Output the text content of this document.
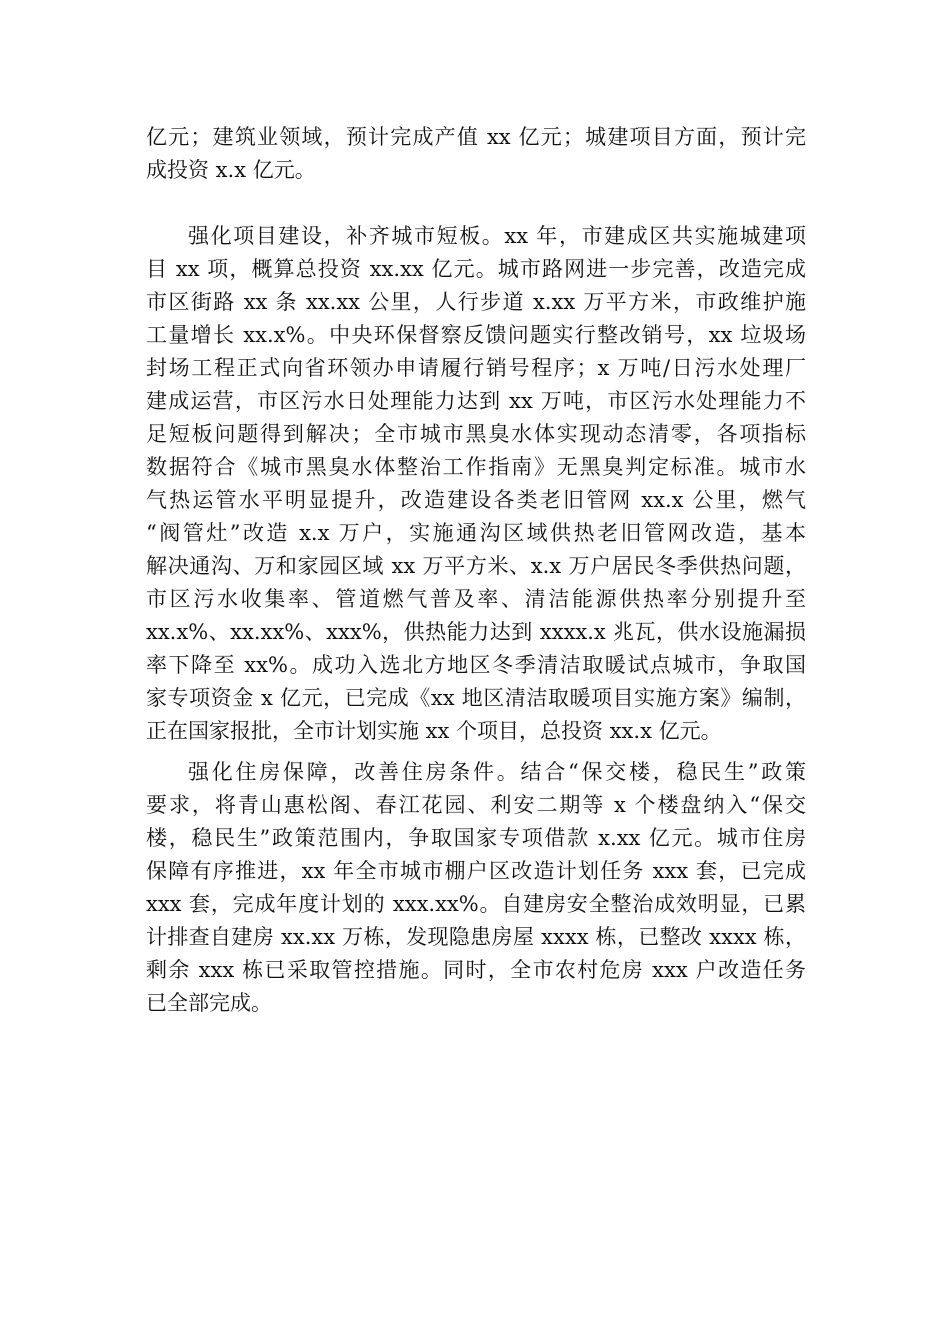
亿元；建筑业领域，预计完成产值 xx 亿元；城建项目方面，预计完
成投资 x.x 亿元。
强化项目建设，补齐城市短板。xx 年，市建成区共实施城建项
目 xx 项，概算总投资 xx.xx 亿元。城市路网进一步完善，改造完成
市区街路 xx 条 xx.xx 公里，人行步道 x.xx 万平方米，市政维护施
工量增长 xx.x%。中央环保督察反馈问题实行整改销号，xx 垃圾场
封场工程正式向省环领办申请履行销号程序；x 万吨/日污水处理厂
建成运营，市区污水日处理能力达到 xx 万吨，市区污水处理能力不
足短板问题得到解决；全市城市黑臭水体实现动态清零，各项指标
数据符合《城市黑臭水体整治工作指南》无黑臭判定标准。城市水
气热运管水平明显提升，改造建设各类老旧管网 xx.x 公里，燃气
“阀管灶”改造 x.x 万户，实施通沟区域供热老旧管网改造，基本
解决通沟、万和家园区域 xx 万平方米、x.x 万户居民冬季供热问题，
市区污水收集率、管道燃气普及率、清洁能源供热率分别提升至
xx.x%、xx.xx%、xxx%，供热能力达到 xxxx.x 兆瓦，供水设施漏损
率下降至 xx%。成功入选北方地区冬季清洁取暖试点城市，争取国
家专项资金 x 亿元，已完成《xx 地区清洁取暖项目实施方案》编制，
正在国家报批，全市计划实施 xx 个项目，总投资 xx.x 亿元。
强化住房保障，改善住房条件。结合“保交楼，稳民生”政策
要求，将青山惠松阁、春江花园、利安二期等 x 个楼盘纳入“保交
楼，稳民生”政策范围内，争取国家专项借款 x.xx 亿元。城市住房
保障有序推进，xx 年全市城市棚户区改造计划任务 xxx 套，已完成
xxx 套，完成年度计划的 xxx.xx%。自建房安全整治成效明显，已累
计排查自建房 xx.xx 万栋，发现隐患房屋 xxxx 栋，已整改 xxxx 栋，
剩余 xxx 栋已采取管控措施。同时，全市农村危房 xxx 户改造任务
已全部完成。
